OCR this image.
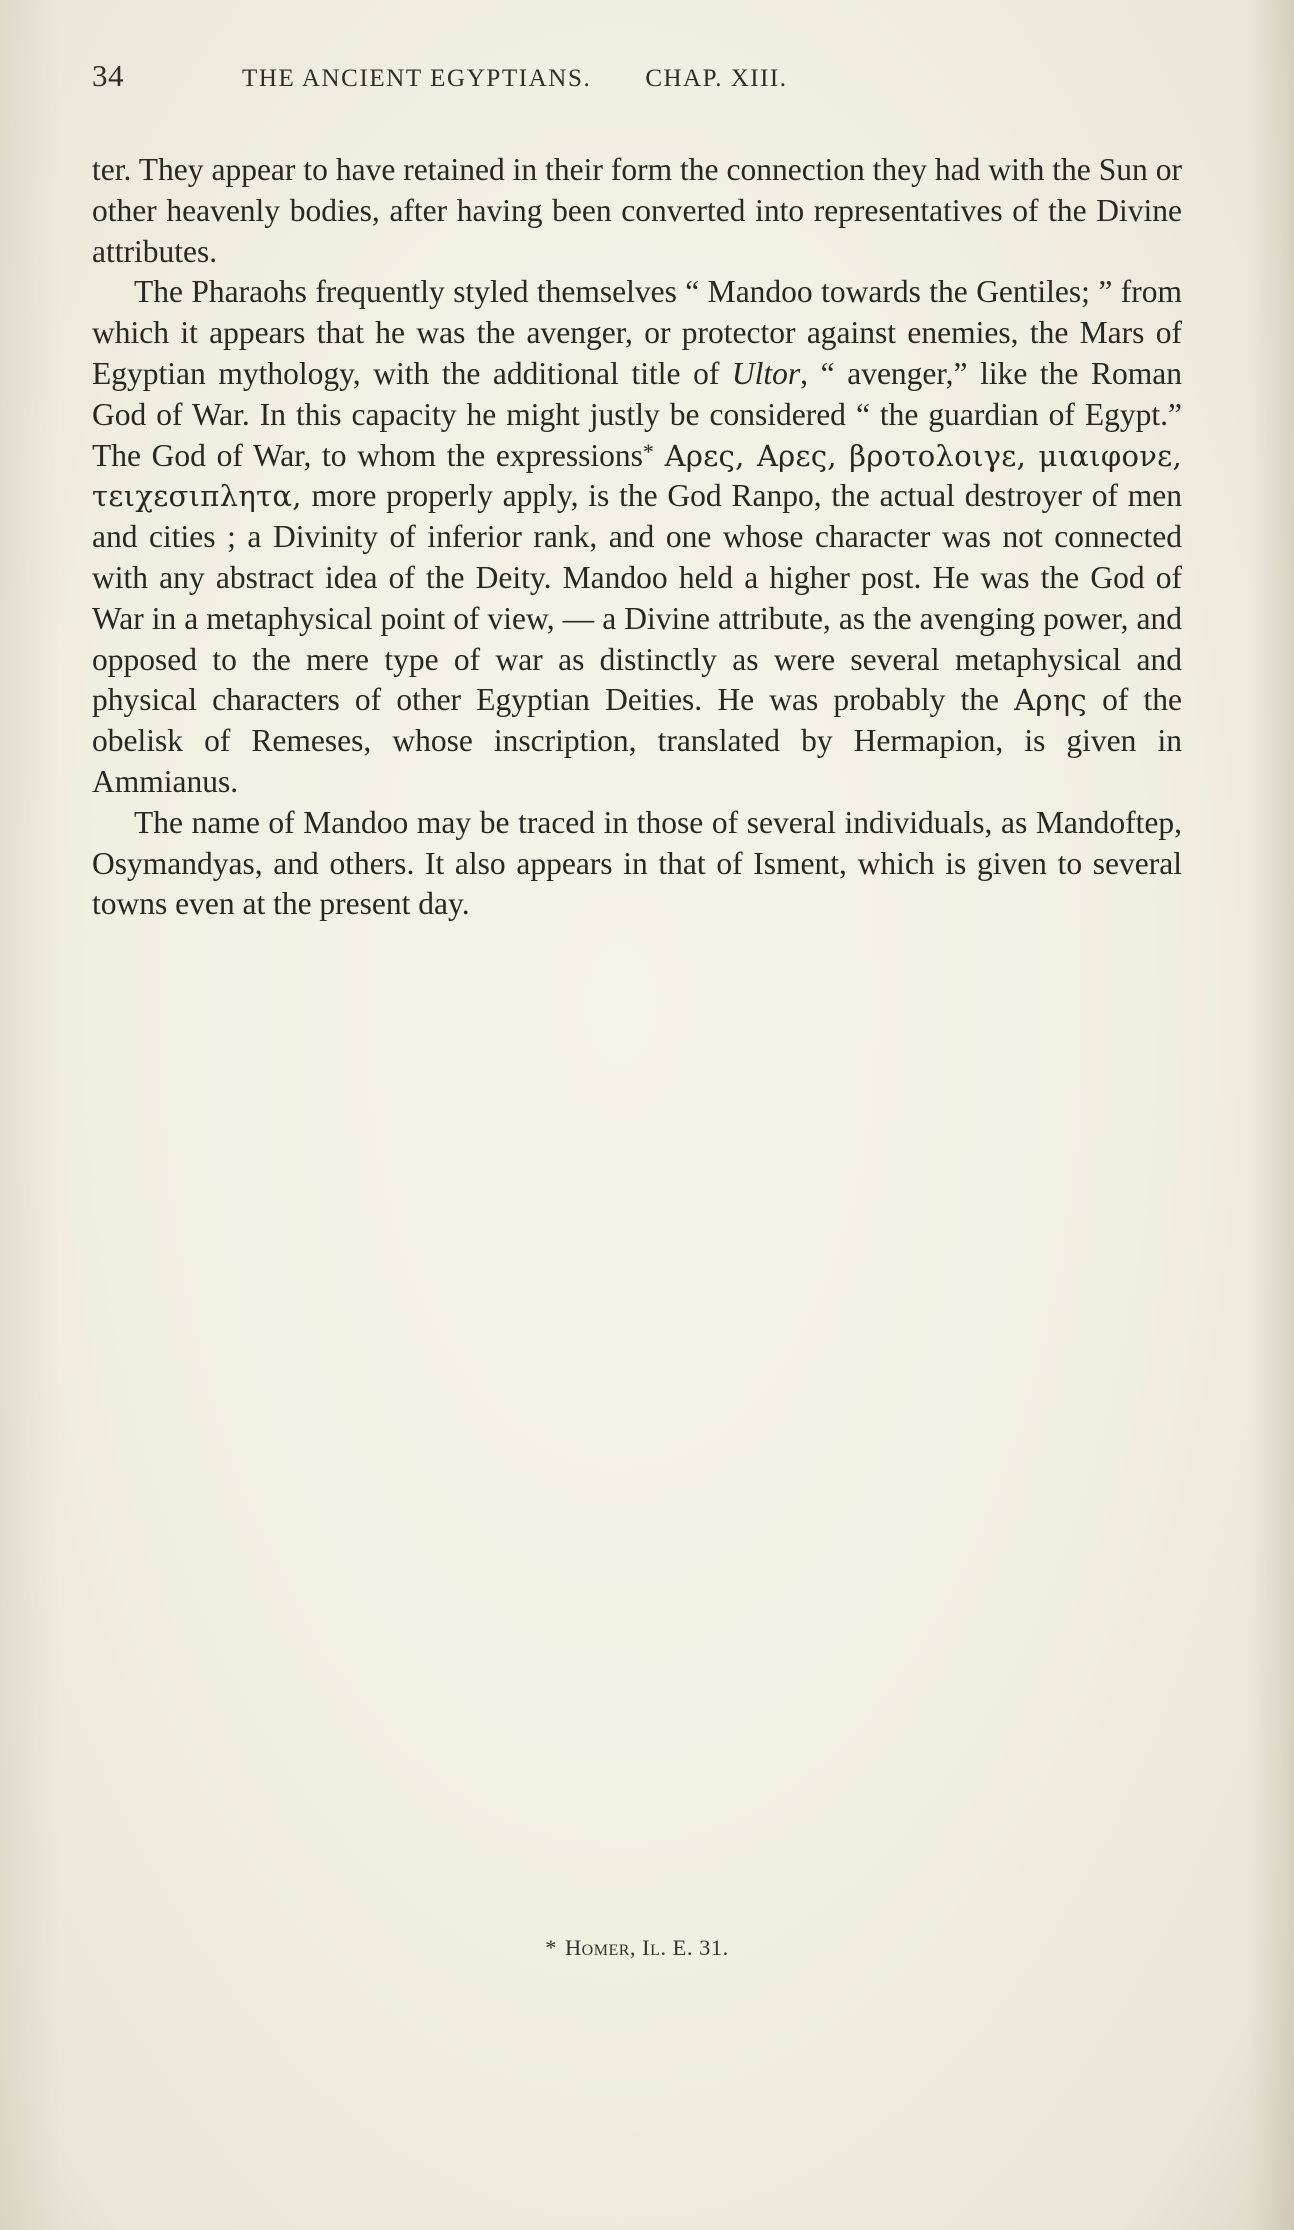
34	THE ANCIENT EGYPTIANS. CHAP. XIII.

ter. They appear to have retained in their form the connection they had with the Sun or other heavenly bodies, after having been converted into representatives of the Divine attributes.

The Pharaohs frequently styled themselves “ Mandoo towards the Gentiles; ” from which it appears that he was the avenger, or protector against enemies, the Mars of Egyptian mythology, with the additional title of Ultor, “ avenger,” like the Roman God of War. In this capacity he might justly be considered “ the guardian of Egypt.” The God of War, to whom the expressions* Αρες, Αρες, βροτολοιγε, μιαιφονε, τειχεσιπλητα, more properly apply, is the God Ranpo, the actual destroyer of men and cities ; a Divinity of inferior rank, and one whose character was not connected with any abstract idea of the Deity. Mandoo held a higher post. He was the God of War in a metaphysical point of view, — a Divine attribute, as the avenging power, and opposed to the mere type of war as distinctly as were several metaphysical and physical characters of other Egyptian Deities. He was probably the Αρης of the obelisk of Remeses, whose inscription, translated by Hermapion, is given in Ammianus.

The name of Mandoo may be traced in those of several individuals, as Mandoftep, Osymandyas, and others. It also appears in that of Isment, which is given to several towns even at the present day.

* Homer, Il. E. 31.
